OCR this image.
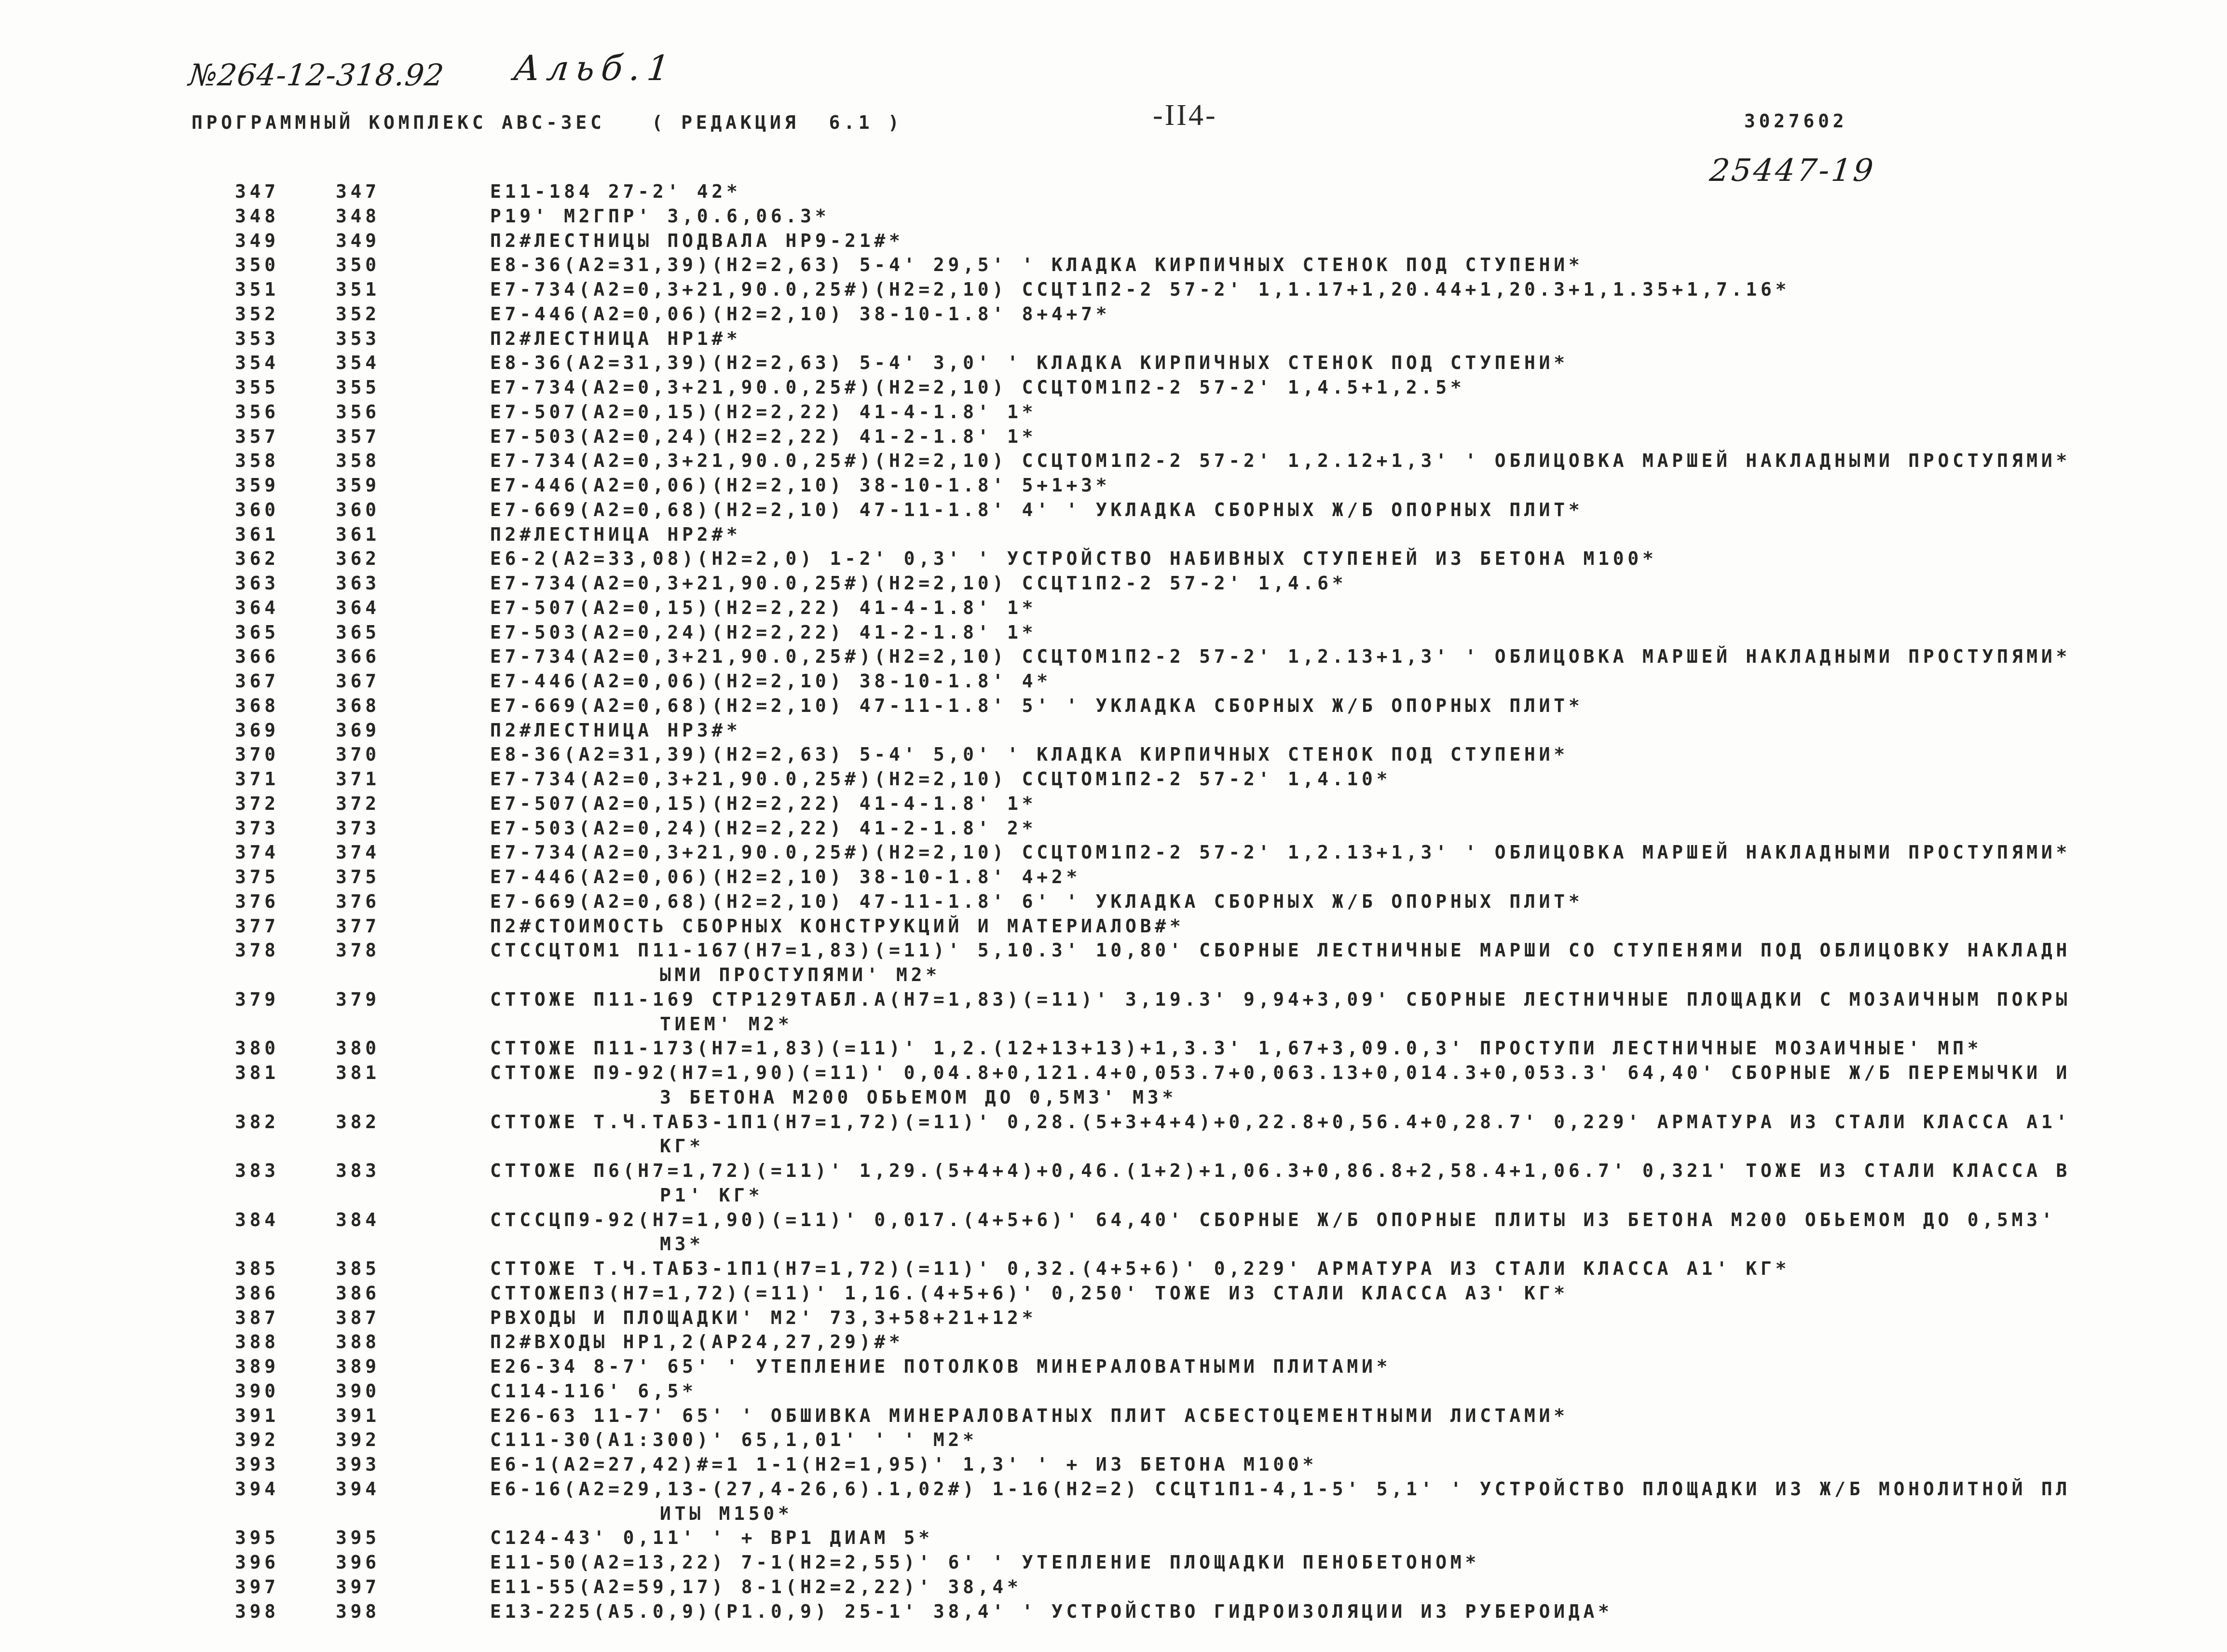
№264-12-318.92 Альб.1
ПРОГРАММНЫЙ КОМПЛЕКС АВС-3ЕС	( РЕДАКЦИЯ  6.1 )	-II4-	3027602
25447-19
347	347	Е11-184 27-2' 42*
348	348	Р19' М2ГПР' 3,0.6,06.3*
349	349	П2#ЛЕСТНИЦЫ ПОДВАЛА НР9-21#*
350	350	Е8-36(А2=31,39)(Н2=2,63) 5-4' 29,5' ' КЛАДКА КИРПИЧНЫХ СТЕНОК ПОД СТУПЕНИ*
351	351	Е7-734(А2=0,3+21,90.0,25#)(Н2=2,10) ССЦТ1П2-2 57-2' 1,1.17+1,20.44+1,20.3+1,1.35+1,7.16*
352	352	Е7-446(А2=0,06)(Н2=2,10) 38-10-1.8' 8+4+7*
353	353	П2#ЛЕСТНИЦА НР1#*
354	354	Е8-36(А2=31,39)(Н2=2,63) 5-4' 3,0' ' КЛАДКА КИРПИЧНЫХ СТЕНОК ПОД СТУПЕНИ*
355	355	Е7-734(А2=0,3+21,90.0,25#)(Н2=2,10) ССЦТОМ1П2-2 57-2' 1,4.5+1,2.5*
356	356	Е7-507(А2=0,15)(Н2=2,22) 41-4-1.8' 1*
357	357	Е7-503(А2=0,24)(Н2=2,22) 41-2-1.8' 1*
358	358	Е7-734(А2=0,3+21,90.0,25#)(Н2=2,10) ССЦТОМ1П2-2 57-2' 1,2.12+1,3' ' ОБЛИЦОВКА МАРШЕЙ НАКЛАДНЫМИ ПРОСТУПЯМИ*
359	359	Е7-446(А2=0,06)(Н2=2,10) 38-10-1.8' 5+1+3*
360	360	Е7-669(А2=0,68)(Н2=2,10) 47-11-1.8' 4' ' УКЛАДКА СБОРНЫХ Ж/Б ОПОРНЫХ ПЛИТ*
361	361	П2#ЛЕСТНИЦА НР2#*
362	362	Е6-2(А2=33,08)(Н2=2,0) 1-2' 0,3' ' УСТРОЙСТВО НАБИВНЫХ СТУПЕНЕЙ ИЗ БЕТОНА М100*
363	363	Е7-734(А2=0,3+21,90.0,25#)(Н2=2,10) ССЦТ1П2-2 57-2' 1,4.6*
364	364	Е7-507(А2=0,15)(Н2=2,22) 41-4-1.8' 1*
365	365	Е7-503(А2=0,24)(Н2=2,22) 41-2-1.8' 1*
366	366	Е7-734(А2=0,3+21,90.0,25#)(Н2=2,10) ССЦТОМ1П2-2 57-2' 1,2.13+1,3' ' ОБЛИЦОВКА МАРШЕЙ НАКЛАДНЫМИ ПРОСТУПЯМИ*
367	367	Е7-446(А2=0,06)(Н2=2,10) 38-10-1.8' 4*
368	368	Е7-669(А2=0,68)(Н2=2,10) 47-11-1.8' 5' ' УКЛАДКА СБОРНЫХ Ж/Б ОПОРНЫХ ПЛИТ*
369	369	П2#ЛЕСТНИЦА НР3#*
370	370	Е8-36(А2=31,39)(Н2=2,63) 5-4' 5,0' ' КЛАДКА КИРПИЧНЫХ СТЕНОК ПОД СТУПЕНИ*
371	371	Е7-734(А2=0,3+21,90.0,25#)(Н2=2,10) ССЦТОМ1П2-2 57-2' 1,4.10*
372	372	Е7-507(А2=0,15)(Н2=2,22) 41-4-1.8' 1*
373	373	Е7-503(А2=0,24)(Н2=2,22) 41-2-1.8' 2*
374	374	Е7-734(А2=0,3+21,90.0,25#)(Н2=2,10) ССЦТОМ1П2-2 57-2' 1,2.13+1,3' ' ОБЛИЦОВКА МАРШЕЙ НАКЛАДНЫМИ ПРОСТУПЯМИ*
375	375	Е7-446(А2=0,06)(Н2=2,10) 38-10-1.8' 4+2*
376	376	Е7-669(А2=0,68)(Н2=2,10) 47-11-1.8' 6' ' УКЛАДКА СБОРНЫХ Ж/Б ОПОРНЫХ ПЛИТ*
377	377	П2#СТОИМОСТЬ СБОРНЫХ КОНСТРУКЦИЙ И МАТЕРИАЛОВ#*
378	378	СТССЦТОМ1 П11-167(Н7=1,83)(=11)' 5,10.3' 10,80' СБОРНЫЕ ЛЕСТНИЧНЫЕ МАРШИ СО СТУПЕНЯМИ ПОД ОБЛИЦОВКУ НАКЛАДН
ЫМИ ПРОСТУПЯМИ' М2*
379	379	СТТОЖЕ П11-169 СТР129ТАБЛ.А(Н7=1,83)(=11)' 3,19.3' 9,94+3,09' СБОРНЫЕ ЛЕСТНИЧНЫЕ ПЛОЩАДКИ С МОЗАИЧНЫМ ПОКРЫ
ТИЕМ' М2*
380	380	СТТОЖЕ П11-173(Н7=1,83)(=11)' 1,2.(12+13+13)+1,3.3' 1,67+3,09.0,3' ПРОСТУПИ ЛЕСТНИЧНЫЕ МОЗАИЧНЫЕ' МП*
381	381	СТТОЖЕ П9-92(Н7=1,90)(=11)' 0,04.8+0,121.4+0,053.7+0,063.13+0,014.3+0,053.3' 64,40' СБОРНЫЕ Ж/Б ПЕРЕМЫЧКИ И
З БЕТОНА М200 ОБЬЕМОМ ДО 0,5М3' М3*
382	382	СТТОЖЕ Т.Ч.ТАБ3-1П1(Н7=1,72)(=11)' 0,28.(5+3+4+4)+0,22.8+0,56.4+0,28.7' 0,229' АРМАТУРА ИЗ СТАЛИ КЛАССА А1'
КГ*
383	383	СТТОЖЕ П6(Н7=1,72)(=11)' 1,29.(5+4+4)+0,46.(1+2)+1,06.3+0,86.8+2,58.4+1,06.7' 0,321' ТОЖЕ ИЗ СТАЛИ КЛАССА В
Р1' КГ*
384	384	СТССЦП9-92(Н7=1,90)(=11)' 0,017.(4+5+6)' 64,40' СБОРНЫЕ Ж/Б ОПОРНЫЕ ПЛИТЫ ИЗ БЕТОНА М200 ОБЬЕМОМ ДО 0,5М3'
М3*
385	385	СТТОЖЕ Т.Ч.ТАБ3-1П1(Н7=1,72)(=11)' 0,32.(4+5+6)' 0,229' АРМАТУРА ИЗ СТАЛИ КЛАССА А1' КГ*
386	386	СТТОЖЕП3(Н7=1,72)(=11)' 1,16.(4+5+6)' 0,250' ТОЖЕ ИЗ СТАЛИ КЛАССА А3' КГ*
387	387	РВХОДЫ И ПЛОЩАДКИ' М2' 73,3+58+21+12*
388	388	П2#ВХОДЫ НР1,2(АР24,27,29)#*
389	389	Е26-34 8-7' 65' ' УТЕПЛЕНИЕ ПОТОЛКОВ МИНЕРАЛОВАТНЫМИ ПЛИТАМИ*
390	390	С114-116' 6,5*
391	391	Е26-63 11-7' 65' ' ОБШИВКА МИНЕРАЛОВАТНЫХ ПЛИТ АСБЕСТОЦЕМЕНТНЫМИ ЛИСТАМИ*
392	392	С111-30(А1:300)' 65,1,01' ' ' М2*
393	393	Е6-1(А2=27,42)#=1 1-1(Н2=1,95)' 1,3' ' + ИЗ БЕТОНА М100*
394	394	Е6-16(А2=29,13-(27,4-26,6).1,02#) 1-16(Н2=2) ССЦТ1П1-4,1-5' 5,1' ' УСТРОЙСТВО ПЛОЩАДКИ ИЗ Ж/Б МОНОЛИТНОЙ ПЛ
ИТЫ М150*
395	395	С124-43' 0,11' ' + ВР1 ДИАМ 5*
396	396	Е11-50(А2=13,22) 7-1(Н2=2,55)' 6' ' УТЕПЛЕНИЕ ПЛОЩАДКИ ПЕНОБЕТОНОМ*
397	397	Е11-55(А2=59,17) 8-1(Н2=2,22)' 38,4*
398	398	Е13-225(А5.0,9)(Р1.0,9) 25-1' 38,4' ' УСТРОЙСТВО ГИДРОИЗОЛЯЦИИ ИЗ РУБЕРОИДА*
